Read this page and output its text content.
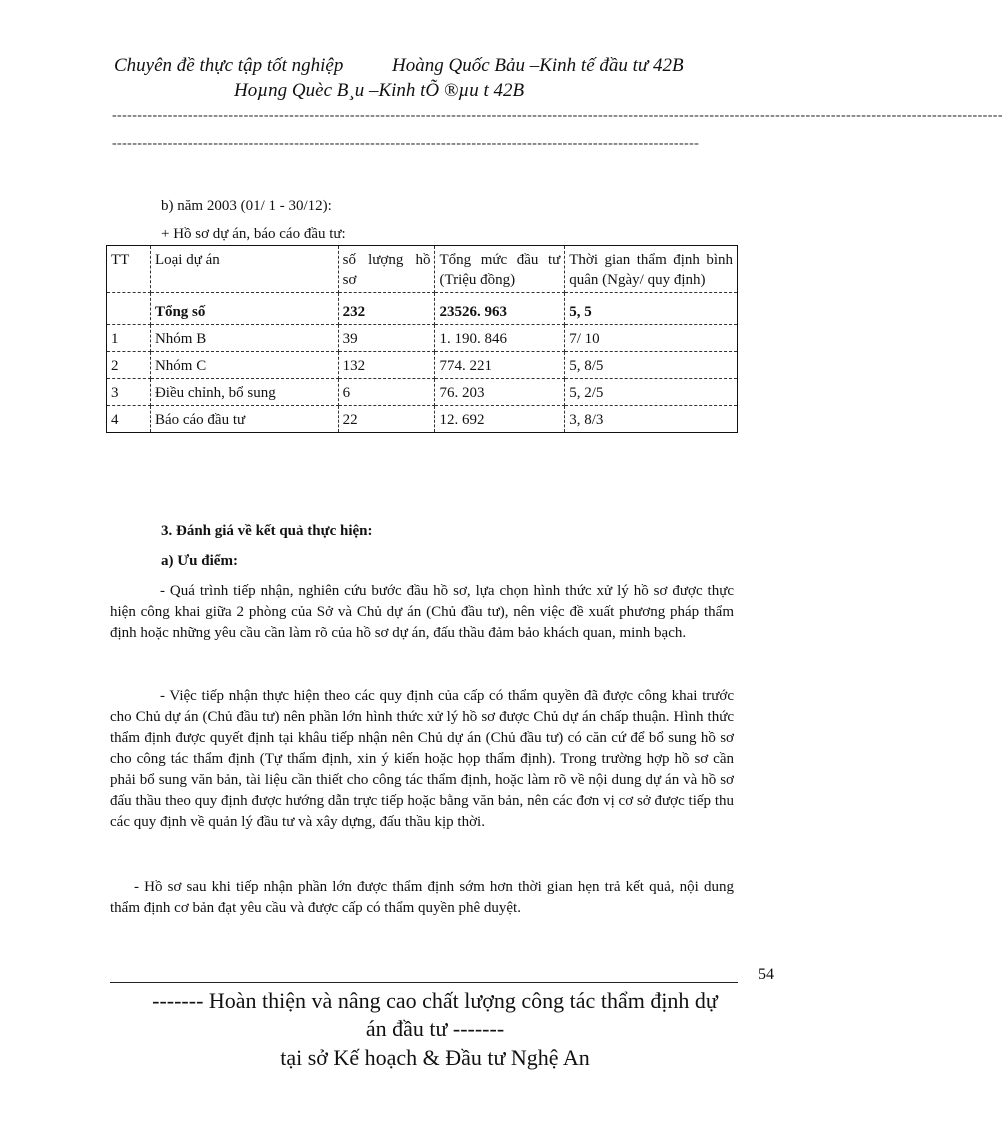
Chuyên đề thực tập tốt nghiệp	Hoàng Quốc Bảu –Kinh tế đầu tư 42B
Hoµng Quèc B¸u –Kinh tÕ ®µu t 42B
--------------------------------------------------------------------------------------------------------------------------------------------------------------------------------
--------------------------------------------------------------------------------------------------------------------
b) năm 2003 (01/ 1 - 30/12):
+ Hồ sơ dự án, báo cáo đầu tư:
TT	Loại dự án	số lượng hồ sơ	Tổng mức đầu tư (Triệu đồng)	Thời gian thẩm định bình quân (Ngày/ quy định)
	Tổng số	232	23526. 963	5, 5
1	Nhóm B	39	1. 190. 846	7/ 10
2	Nhóm C	132	774. 221	5, 8/5
3	Điều chỉnh, bổ sung	6	76. 203	5, 2/5
4	Báo cáo đầu tư	22	12. 692	3, 8/3
3. Đánh giá về kết quả thực hiện:
a) Ưu điểm:
- Quá trình tiếp nhận, nghiên cứu bước đầu hồ sơ, lựa chọn hình thức xử lý hồ sơ được thực hiện công khai giữa 2 phòng của Sở và Chủ dự án (Chủ đầu tư), nên việc đề xuất phương pháp thẩm định hoặc những yêu cầu cần làm rõ của hồ sơ dự án, đấu thầu đảm bảo khách quan, minh bạch.
- Việc tiếp nhận thực hiện theo các quy định của cấp có thẩm quyền đã được công khai trước cho Chủ dự án (Chủ đầu tư) nên phần lớn hình thức xử lý hồ sơ được Chủ dự án chấp thuận. Hình thức thẩm định được quyết định tại khâu tiếp nhận nên Chủ dự án (Chủ đầu tư) có căn cứ để bổ sung hồ sơ cho công tác thẩm định (Tự thẩm định, xin ý kiến hoặc họp thẩm định). Trong trường hợp hồ sơ cần phải bổ sung văn bản, tài liệu cần thiết cho công tác thẩm định, hoặc làm rõ về nội dung dự án và hồ sơ đấu thầu theo quy định được hướng dẫn trực tiếp hoặc bằng văn bản, nên các đơn vị cơ sở được tiếp thu các quy định về quản lý đầu tư và xây dựng, đấu thầu kịp thời.
- Hồ sơ sau khi tiếp nhận phần lớn được thẩm định sớm hơn thời gian hẹn trả kết quả, nội dung thẩm định cơ bản đạt yêu cầu và được cấp có thẩm quyền phê duyệt.
54
------- Hoàn thiện và nâng cao chất lượng công tác thẩm định dự
án đầu tư -------
tại sở Kế hoạch & Đầu tư Nghệ An
